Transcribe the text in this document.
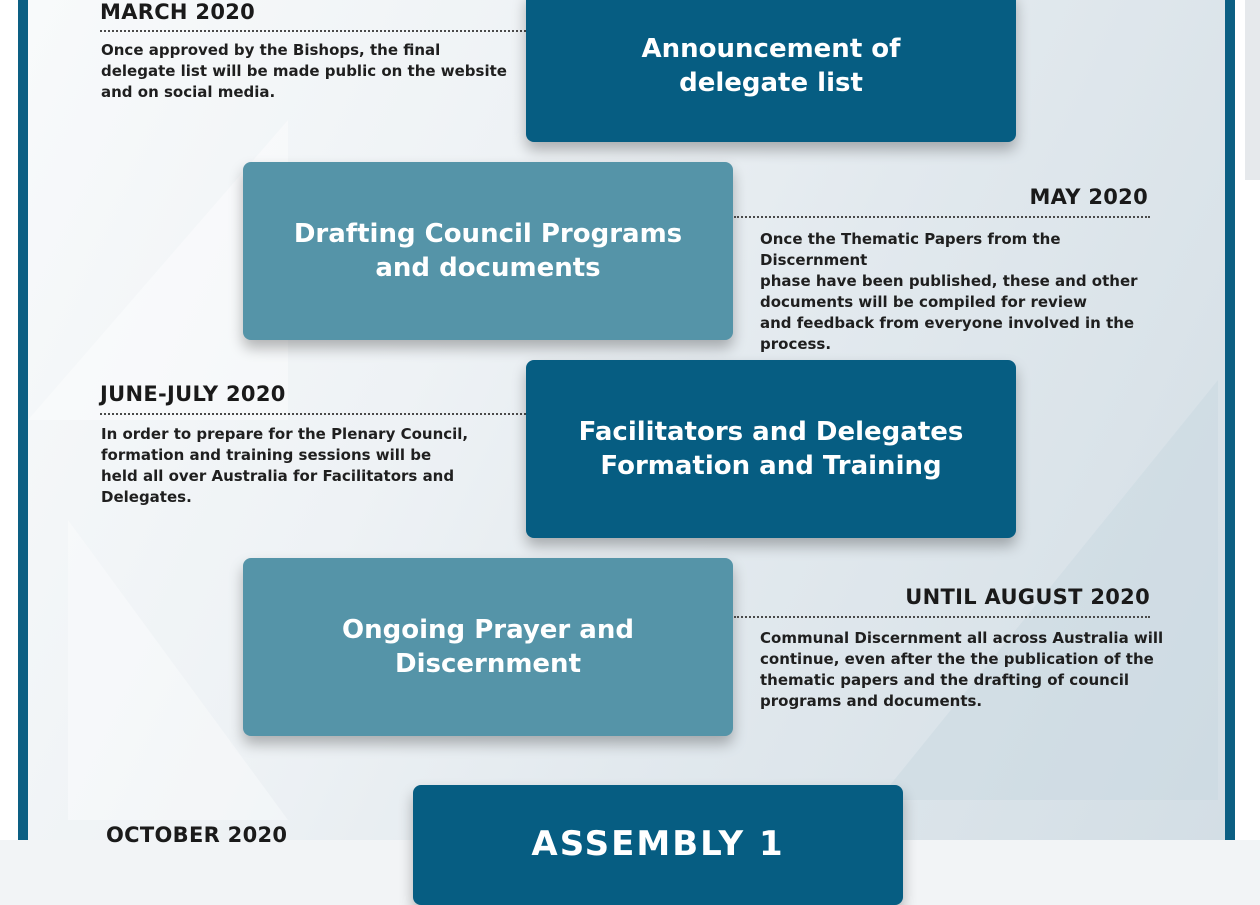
MARCH 2020

Once approved by the Bishops, the final
delegate list will be made public on the website
and on social media.

Announcement of
delegate list
Drafting Council Programs
and documents
MAY 2020

Once the Thematic Papers from the Discernment
phase have been published, these and other
documents will be compiled for review
and feedback from everyone involved in the
process.

JUNE-JULY 2020

In order to prepare for the Plenary Council,
formation and training sessions will be
held all over Australia for Facilitators and
Delegates.

Facilitators and Delegates
Formation and Training
Ongoing Prayer and
Discernment
UNTIL AUGUST 2020

Communal Discernment all across Australia will
continue, even after the the publication of the
thematic papers and the drafting of council
programs and documents.

OCTOBER 2020	ASSEMBLY 1
